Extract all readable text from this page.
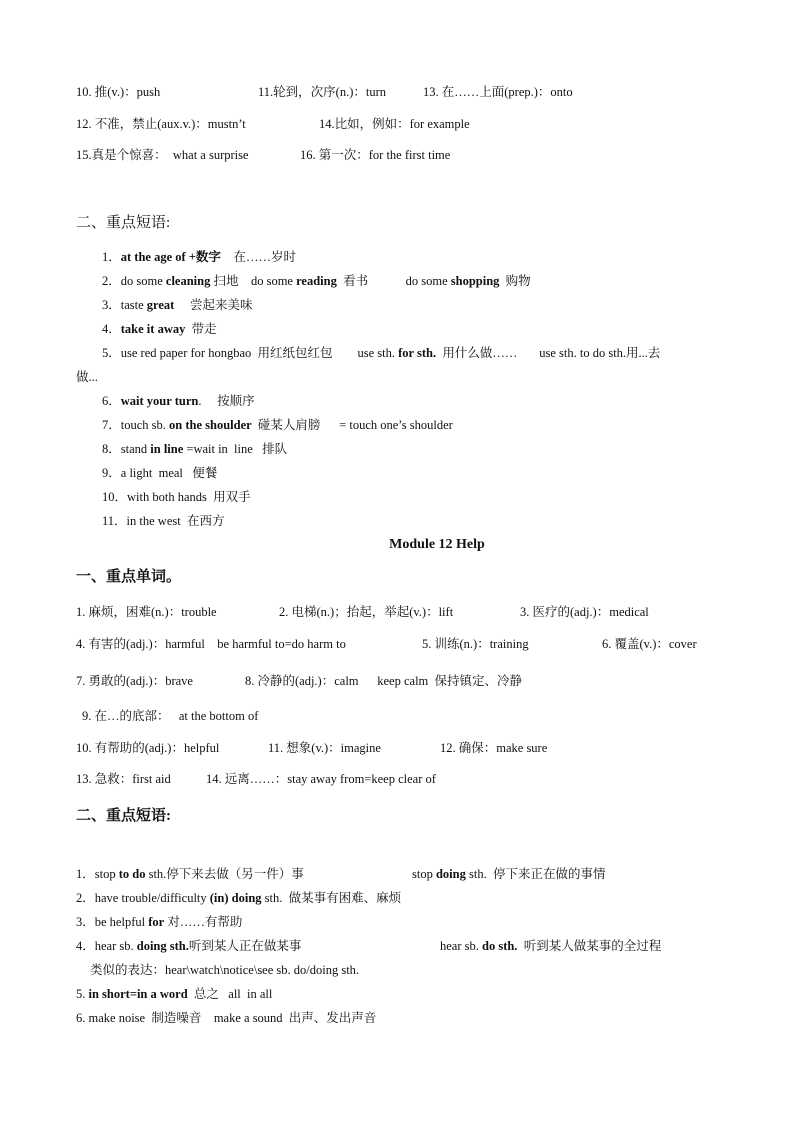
10. 推(v.)：push	11.轮到，次序(n.)：turn	13. 在……上面(prep.)：onto
12. 不准，禁止(aux.v.)：mustn’t	14.比如，例如：for example
15.真是个惊喜：  what a surprise	16. 第一次：for the first time
二、重点短语:
1．at the age of +数字    在……岁时
2．do some cleaning 扫地    do some reading  看书            do some shopping  购物
3．taste great     尝起来美味
4．take it away  带走
5．use red paper for hongbao  用红纸包红包        use sth. for sth.  用什么做……       use sth. to do sth.用...去
做...
6．wait your turn.     按顺序
7．touch sb. on the shoulder  碰某人肩膀      = touch one’s shoulder
8．stand in line =wait in  line   排队
9．a light  meal   便餐
10．with both hands  用双手
11．in the west  在西方
Module 12 Help
一、重点单词。
1. 麻烦，困难(n.)：trouble	2. 电梯(n.)；抬起，举起(v.)：lift	3. 医疗的(adj.)：medical
4. 有害的(adj.)：harmful    be harmful to=do harm to	5. 训练(n.)：training	6. 覆盖(v.)：cover
7. 勇敢的(adj.)：brave	8. 冷静的(adj.)：calm      keep calm  保持镇定、冷静
9. 在…的底部：   at the bottom of
10. 有帮助的(adj.)：helpful	11. 想象(v.)：imagine	12. 确保：make sure
13. 急救：first aid	14. 远离……：stay away from=keep clear of
二、重点短语:
1．stop to do sth.停下来去做（另一件）事	stop doing sth.  停下来正在做的事情
2．have trouble/difficulty (in) doing sth.  做某事有困难、麻烦
3．be helpful for 对……有帮助
4．hear sb. doing sth.听到某人正在做某事	hear sb. do sth.  听到某人做某事的全过程
类似的表达：hear\watch\notice\see sb. do/doing sth.
5. in short=in a word  总之   all  in all
6. make noise  制造噪音    make a sound  出声、发出声音
